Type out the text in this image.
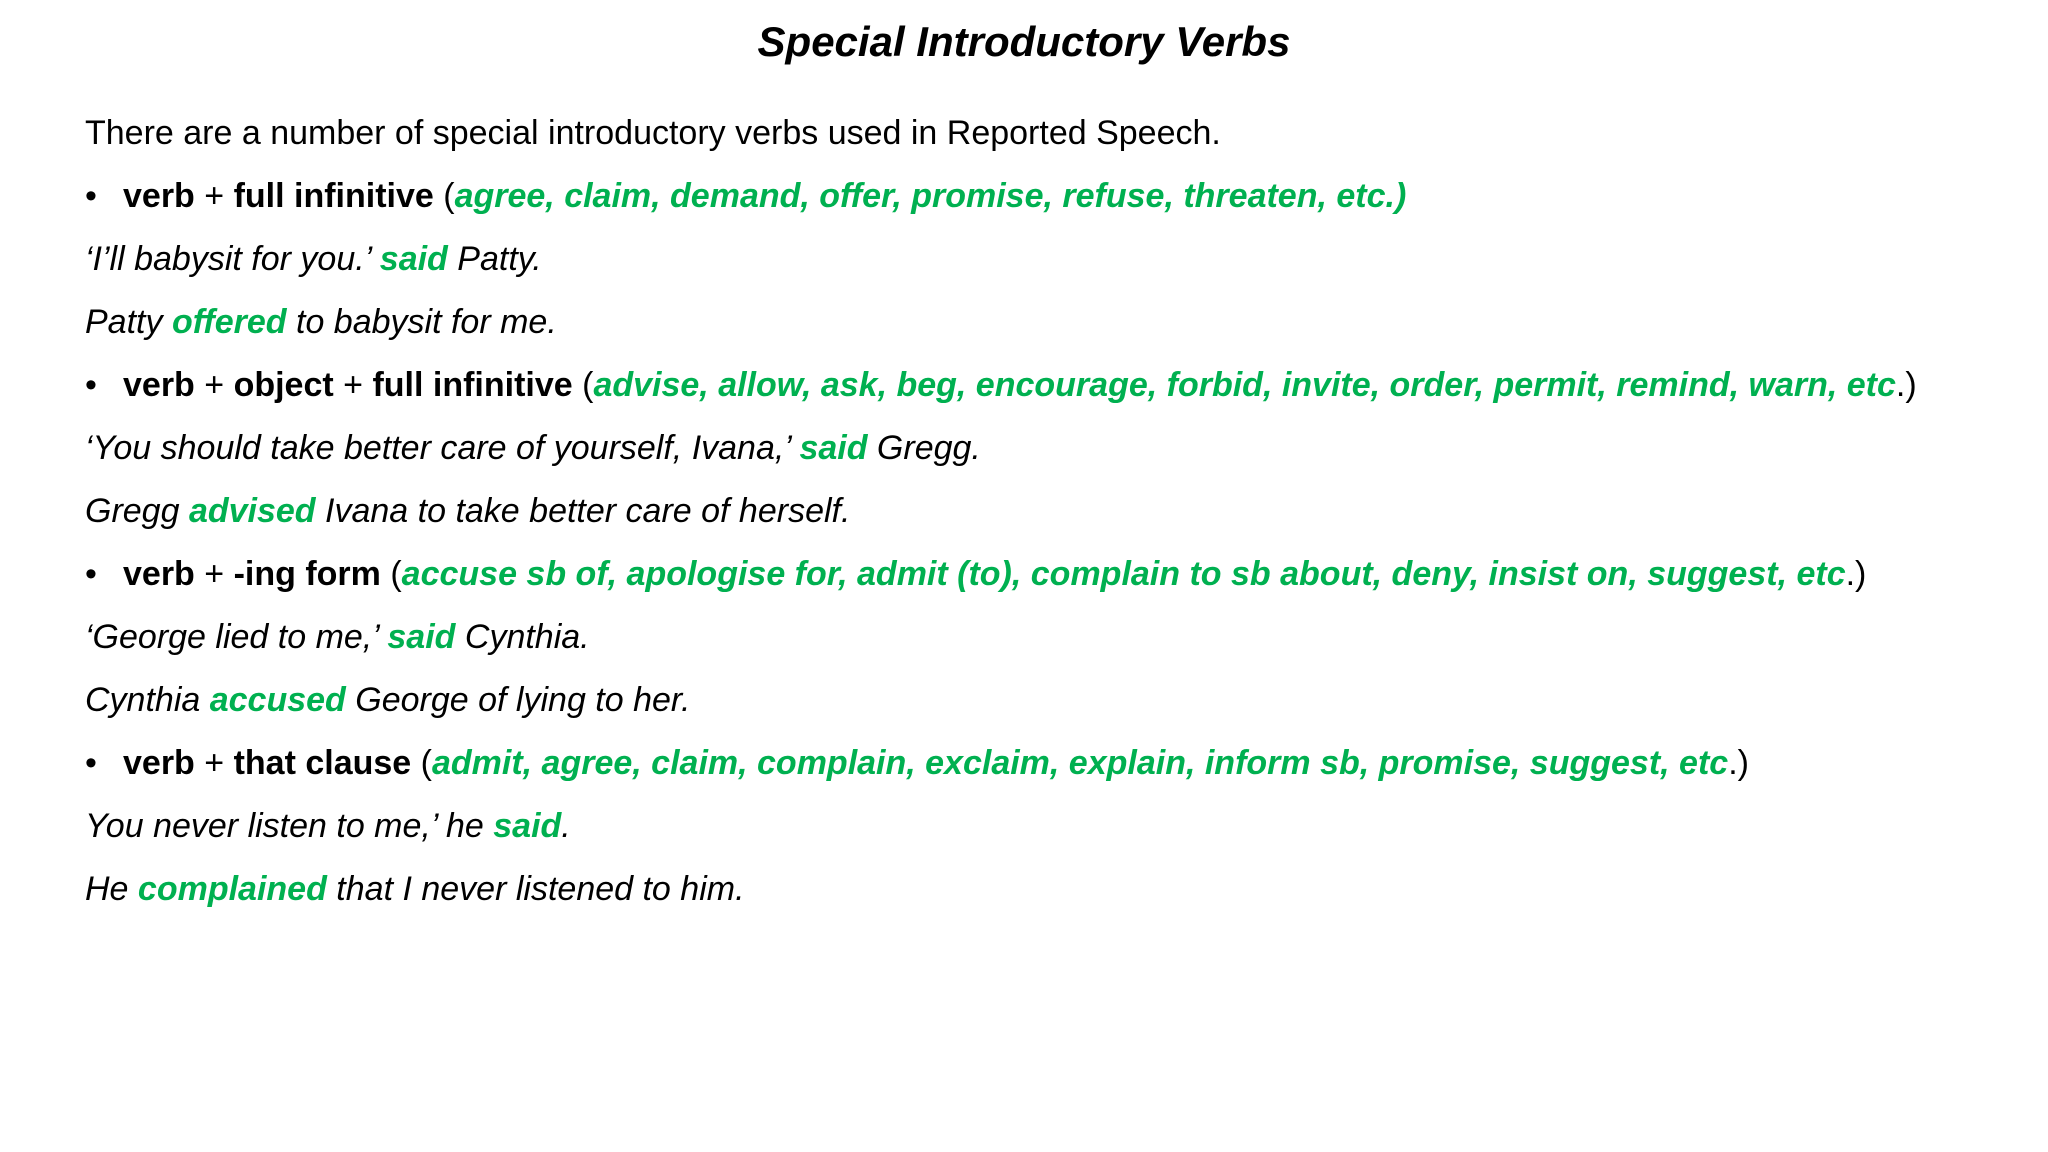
Special Introductory Verbs
There are a number of special introductory verbs used in Reported Speech.
• verb + full infinitive (agree, claim, demand, offer, promise, refuse, threaten, etc.)
‘I’ll babysit for you.’ said Patty.
Patty offered to babysit for me.
• verb + object + full infinitive (advise, allow, ask, beg, encourage, forbid, invite, order, permit, remind, warn, etc.)
‘You should take better care of yourself, Ivana,’ said Gregg.
Gregg advised Ivana to take better care of herself.
• verb + -ing form (accuse sb of, apologise for, admit (to), complain to sb about, deny, insist on, suggest, etc.)
‘George lied to me,’ said Cynthia.
Cynthia accused George of lying to her.
• verb + that clause (admit, agree, claim, complain, exclaim, explain, inform sb, promise, suggest, etc.)
You never listen to me,’ he said.
He complained that I never listened to him.
